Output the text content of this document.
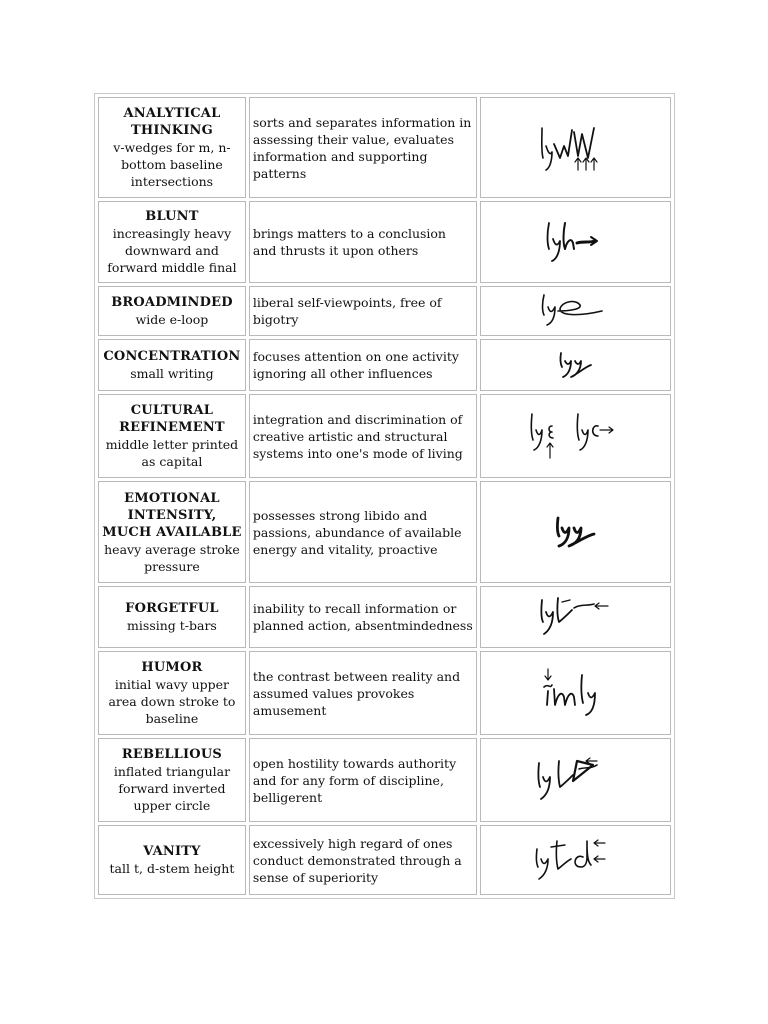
ANALYTICAL THINKING
v-wedges for m, n-bottom baseline intersections	sorts and separates information in assessing their value, evaluates information and supporting patterns	

BLUNT
increasingly heavy downward and forward middle final	brings matters to a conclusion and thrusts it upon others	

BROADMINDED
wide e-loop	liberal self-viewpoints, free of bigotry	

CONCENTRATION
small writing	focuses attention on one activity ignoring all other influences	

CULTURAL REFINEMENT
middle letter printed as capital	integration and discrimination of creative artistic and structural systems into one's mode of living	

EMOTIONAL INTENSITY, MUCH AVAILABLE
heavy average stroke pressure	possesses strong libido and passions, abundance of available energy and vitality, proactive	

FORGETFUL
missing t-bars	inability to recall information or planned action, absentmindedness	

HUMOR
initial wavy upper area down stroke to baseline	the contrast between reality and assumed values provokes amusement	

REBELLIOUS
inflated triangular forward inverted upper circle	open hostility towards authority and for any form of discipline, belligerent	

VANITY
tall t, d-stem height	excessively high regard of ones conduct demonstrated through a sense of superiority	
